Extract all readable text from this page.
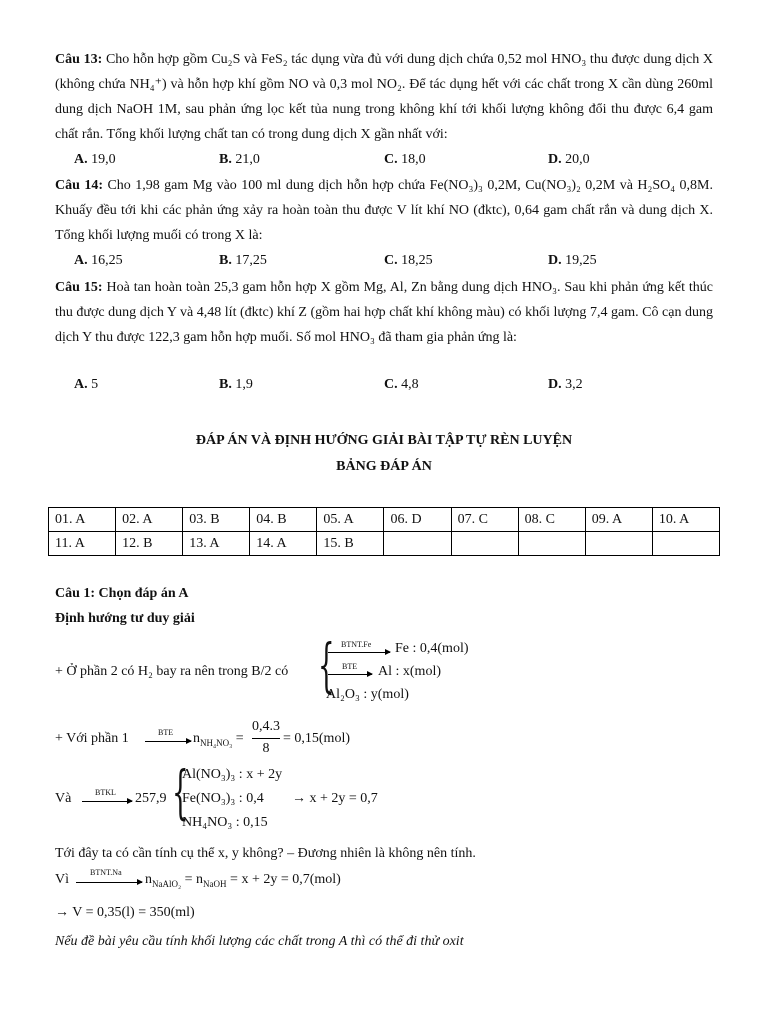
Câu 13: Cho hỗn hợp gồm Cu₂S và FeS₂ tác dụng vừa đủ với dung dịch chứa 0,52 mol HNO₃ thu được dung dịch X (không chứa NH₄⁺) và hỗn hợp khí gồm NO và 0,3 mol NO₂. Để tác dụng hết với các chất trong X cần dùng 260ml dung dịch NaOH 1M, sau phản ứng lọc kết tủa nung trong không khí tới khối lượng không đổi thu được 6,4 gam chất rắn. Tổng khối lượng chất tan có trong dung dịch X gần nhất với:
A. 19,0	B. 21,0	C. 18,0	D. 20,0
Câu 14: Cho 1,98 gam Mg vào 100 ml dung dịch hỗn hợp chứa Fe(NO₃)₃ 0,2M, Cu(NO₃)₂ 0,2M và H₂SO₄ 0,8M. Khuấy đều tới khi các phản ứng xảy ra hoàn toàn thu được V lít khí NO (đktc), 0,64 gam chất rắn và dung dịch X. Tổng khối lượng muối có trong X là:
A. 16,25	B. 17,25	C. 18,25	D. 19,25
Câu 15: Hoà tan hoàn toàn 25,3 gam hỗn hợp X gồm Mg, Al, Zn bằng dung dịch HNO₃. Sau khi phản ứng kết thúc thu được dung dịch Y và 4,48 lít (đktc) khí Z (gồm hai hợp chất khí không màu) có khối lượng 7,4 gam. Cô cạn dung dịch Y thu được 122,3 gam hỗn hợp muối. Số mol HNO₃ đã tham gia phản ứng là:
A. 5	B. 1,9	C. 4,8	D. 3,2
ĐÁP ÁN VÀ ĐỊNH HƯỚNG GIẢI BÀI TẬP TỰ RÈN LUYỆN
BẢNG ĐÁP ÁN
01. A	02. A	03. B	04. B	05. A	06. D	07. C	08. C	09. A	10. A
11. A	12. B	13. A	14. A	15. B					
Câu 1: Chọn đáp án A
Định hướng tư duy giải
+ Ở phần 2 có H₂ bay ra nên trong B/2 có { BTNT.Fe Fe : 0,4(mol)
BTE Al : x(mol)
Al₂O₃ : y(mol)
+ Với phần 1	BTE $n_{NH_4NO_3}$ =
0,4.3
8
= 0,15(mol)
Và	BTKL 257,9 {
Al(NO₃)₃ : x + 2y
Fe(NO₃)₃ : 0,4
NH₄NO₃ : 0,15
→ x + 2y = 0,7
Tới đây ta có cần tính cụ thể x, y không? – Đương nhiên là không nên tính.
Vì	BTNT.Na $n_{NaAlO_2} = n_{NaOH} = x + 2y = 0,7(mol)$
→ V = 0,35(l) = 350(ml)
Nếu đề bài yêu cầu tính khối lượng các chất trong A thì có thể đi thử oxit
